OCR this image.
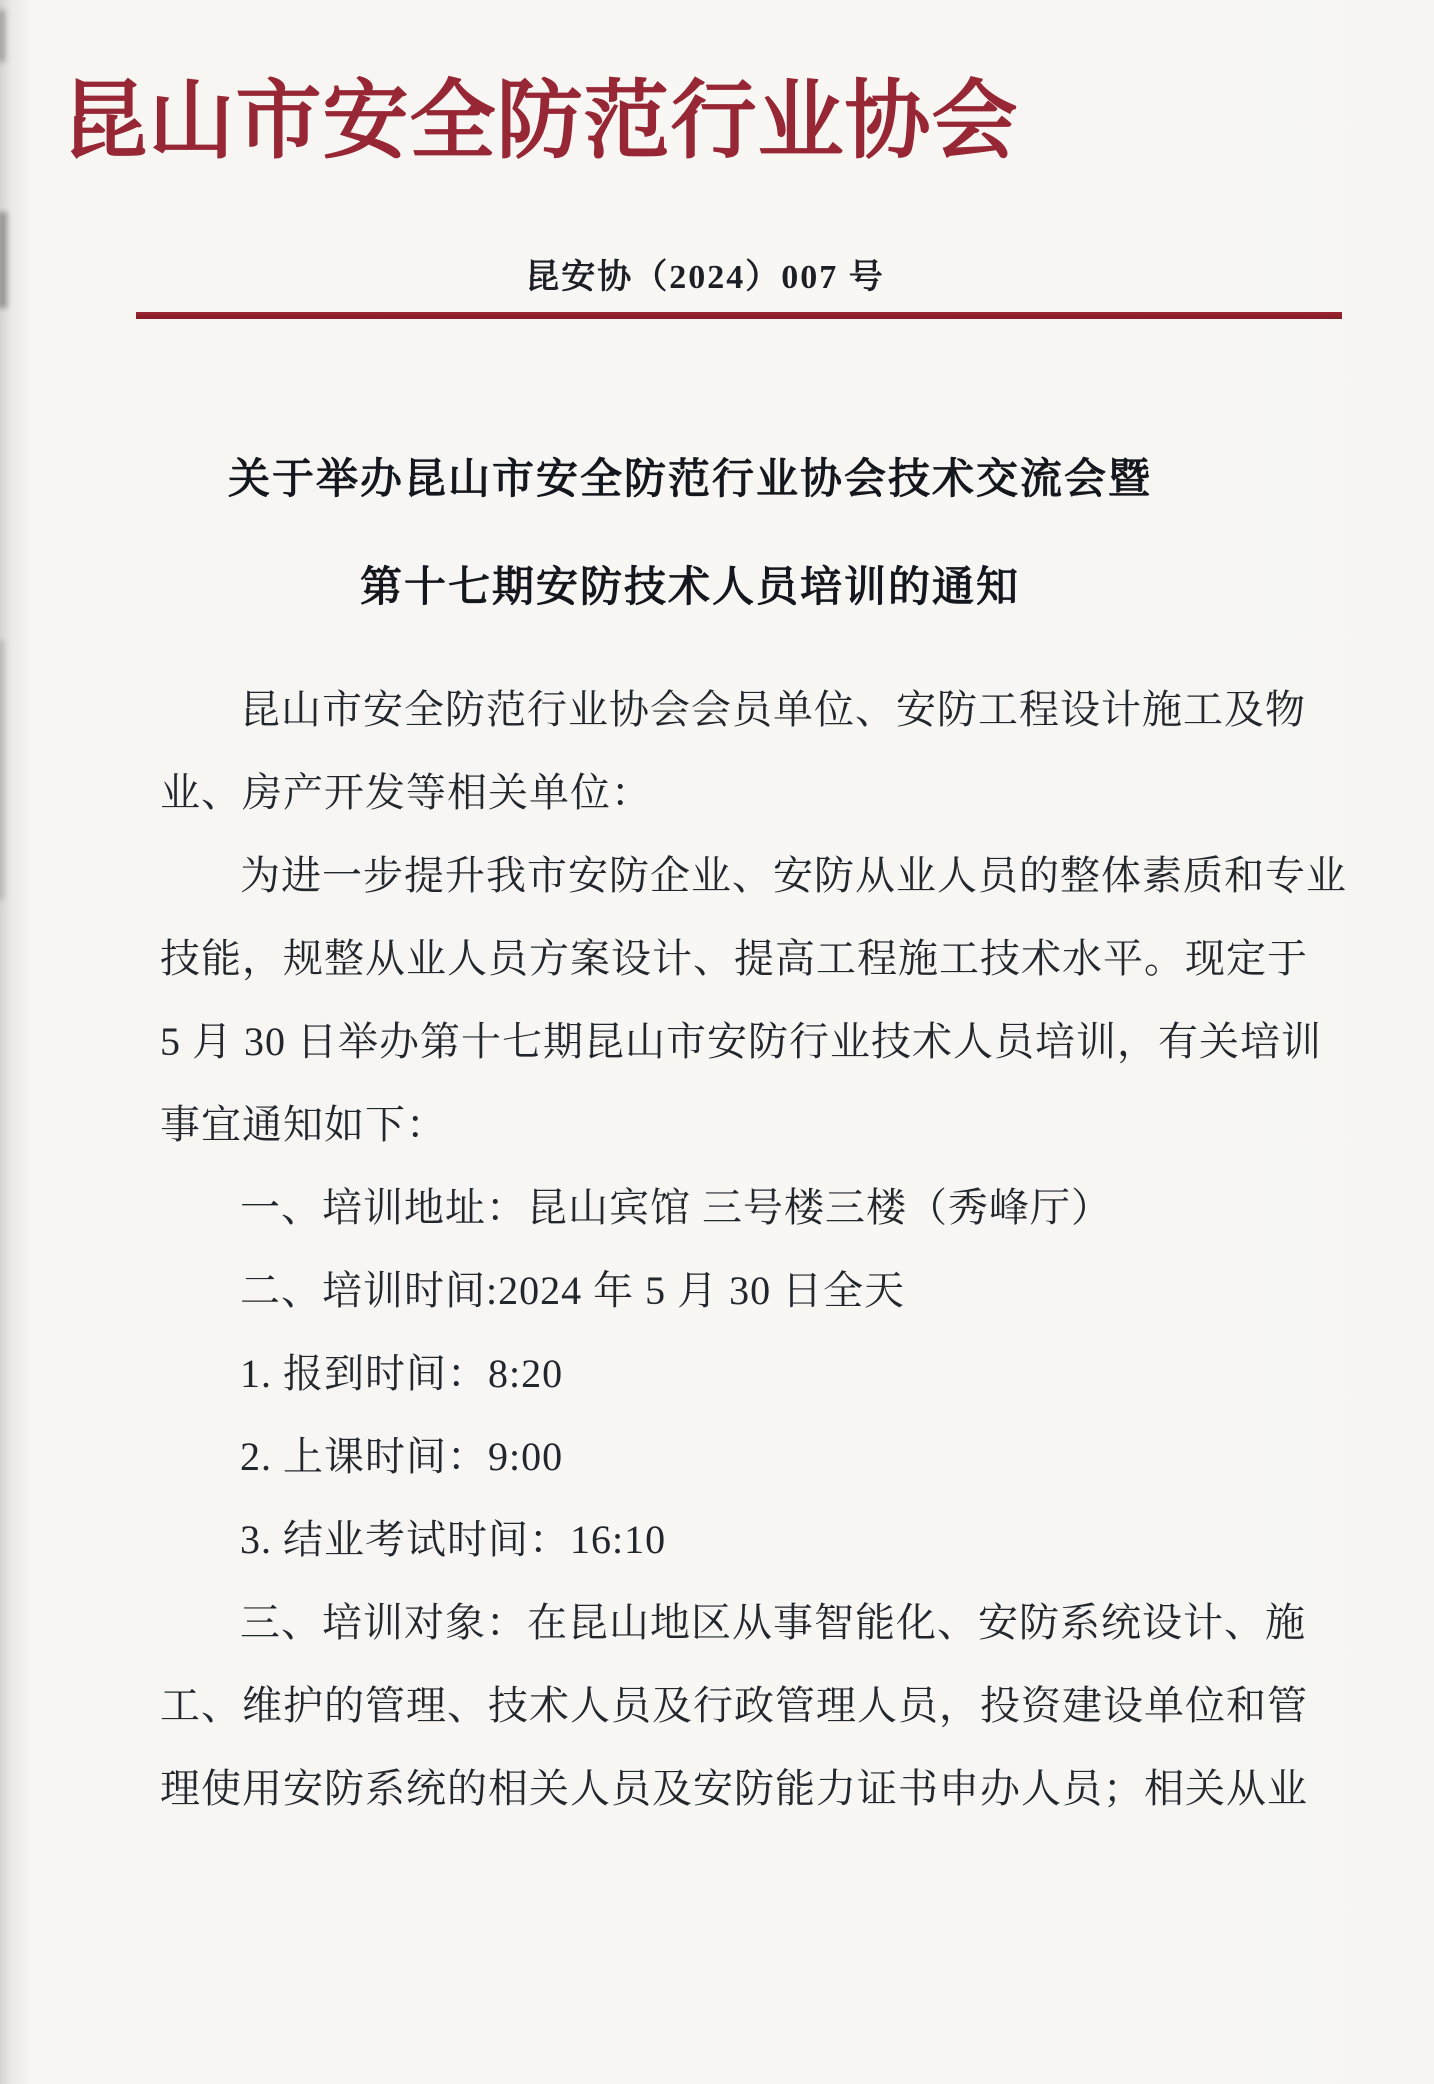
昆山市安全防范行业协会
昆安协（2024）007 号
关于举办昆山市安全防范行业协会技术交流会暨
第十七期安防技术人员培训的通知
昆山市安全防范行业协会会员单位、安防工程设计施工及物
业、房产开发等相关单位：
为进一步提升我市安防企业、安防从业人员的整体素质和专业
技能，规整从业人员方案设计、提高工程施工技术水平。现定于
5 月 30 日举办第十七期昆山市安防行业技术人员培训，有关培训
事宜通知如下：
一、培训地址：昆山宾馆 三号楼三楼（秀峰厅）
二、培训时间:2024 年 5 月 30 日全天
1. 报到时间：8:20
2. 上课时间：9:00
3. 结业考试时间：16:10
三、培训对象：在昆山地区从事智能化、安防系统设计、施
工、维护的管理、技术人员及行政管理人员，投资建设单位和管
理使用安防系统的相关人员及安防能力证书申办人员；相关从业
